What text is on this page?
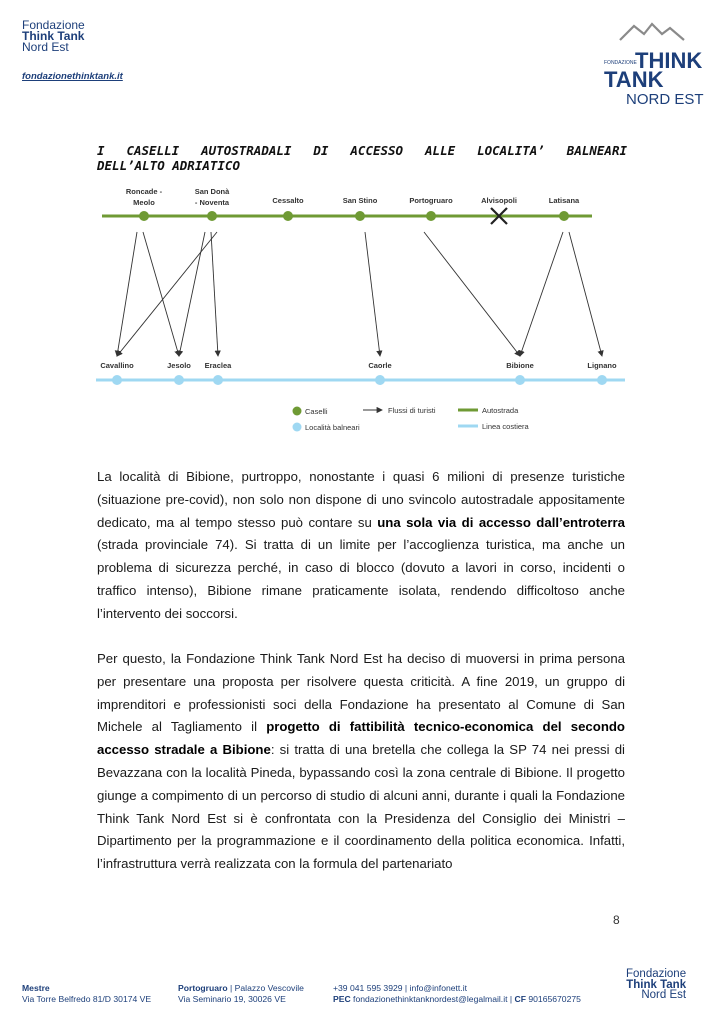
Fondazione
Think Tank
Nord Est
fondazionethinktank.it
FONDAZIONE
THINK
TANK
NORD EST
I CASELLI AUTOSTRADALI DI ACCESSO ALLE LOCALITA’ BALNEARI
DELL’ALTO ADRIATICO
Roncade -
Meolo
San Donà
- Noventa	Cessalto	San Stino	Portogruaro	Alvisopoli	Latisana
Cavallino	Jesolo Eraclea	Caorle	Bibione	Lignano
Caselli
Località balneari
Flussi di turisti	Autostrada
Linea costiera
La località di Bibione, purtroppo, nonostante i quasi 6 milioni di presenze turistiche (situazione pre-covid), non solo non dispone di uno svincolo autostradale appositamente dedicato, ma al tempo stesso può contare su una sola via di accesso dall’entroterra (strada provinciale 74). Si tratta di un limite per l’accoglienza turistica, ma anche un problema di sicurezza perché, in caso di blocco (dovuto a lavori in corso, incidenti o traffico intenso), Bibione rimane praticamente isolata, rendendo difficoltoso anche l’intervento dei soccorsi.
Per questo, la Fondazione Think Tank Nord Est ha deciso di muoversi in prima persona per presentare una proposta per risolvere questa criticità. A fine 2019, un gruppo di imprenditori e professionisti soci della Fondazione ha presentato al Comune di San Michele al Tagliamento il progetto di fattibilità tecnico-economica del secondo accesso stradale a Bibione: si tratta di una bretella che collega la SP 74 nei pressi di Bevazzana con la località Pineda, bypassando così la zona centrale di Bibione. Il progetto giunge a compimento di un percorso di studio di alcuni anni, durante i quali la Fondazione Think Tank Nord Est si è confrontata con la Presidenza del Consiglio dei Ministri – Dipartimento per la programmazione e il coordinamento della politica economica. Infatti, l’infrastruttura verrà realizzata con la formula del partenariato
8
Mestre
Via Torre Belfredo 81/D 30174 VE
Portogruaro | Palazzo Vescovile
Via Seminario 19, 30026 VE
+39 041 595 3929 | info@infonett.it
PEC fondazionethinktanknordest@legalmail.it | CF 90165670275
Fondazione
Think Tank
Nord Est
